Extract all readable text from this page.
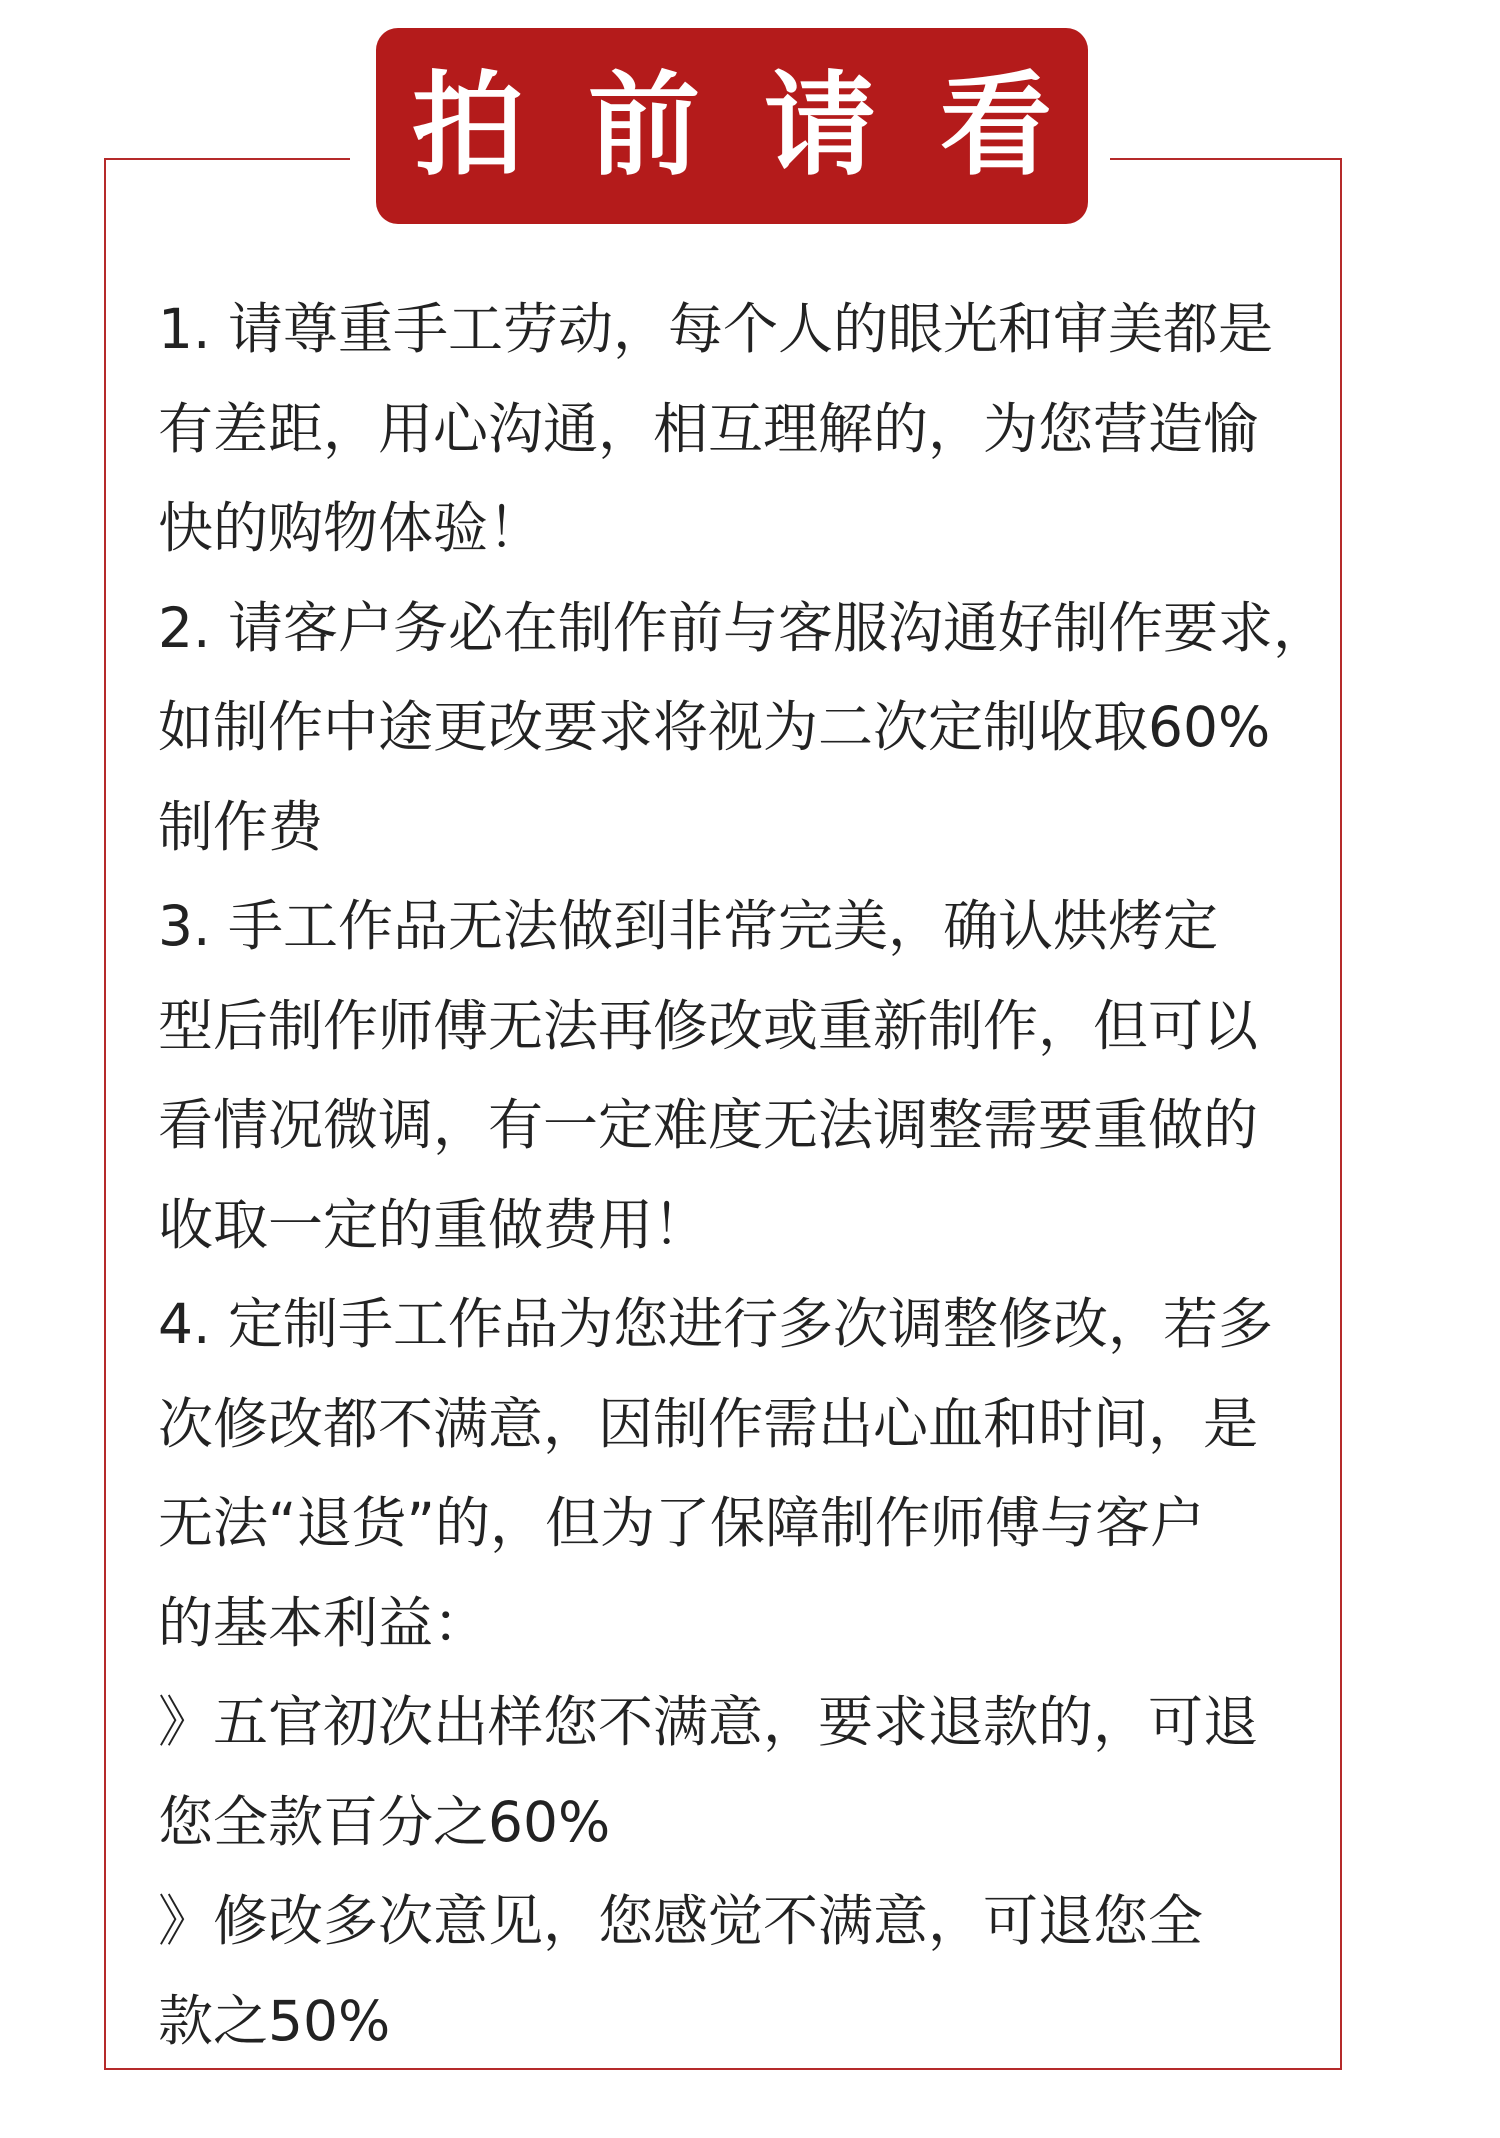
拍前请看

1. 请尊重手工劳动，每个人的眼光和审美都是

有差距，用心沟通，相互理解的，为您营造愉

快的购物体验！

2. 请客户务必在制作前与客服沟通好制作要求，

如制作中途更改要求将视为二次定制收取60%

制作费

3. 手工作品无法做到非常完美，确认烘烤定

型后制作师傅无法再修改或重新制作，但可以

看情况微调，有一定难度无法调整需要重做的

收取一定的重做费用！

4. 定制手工作品为您进行多次调整修改，若多

次修改都不满意，因制作需出心血和时间，是

无法“退货”的，但为了保障制作师傅与客户

的基本利益：

》五官初次出样您不满意，要求退款的，可退

您全款百分之60%

》修改多次意见，您感觉不满意，可退您全

款之50%
